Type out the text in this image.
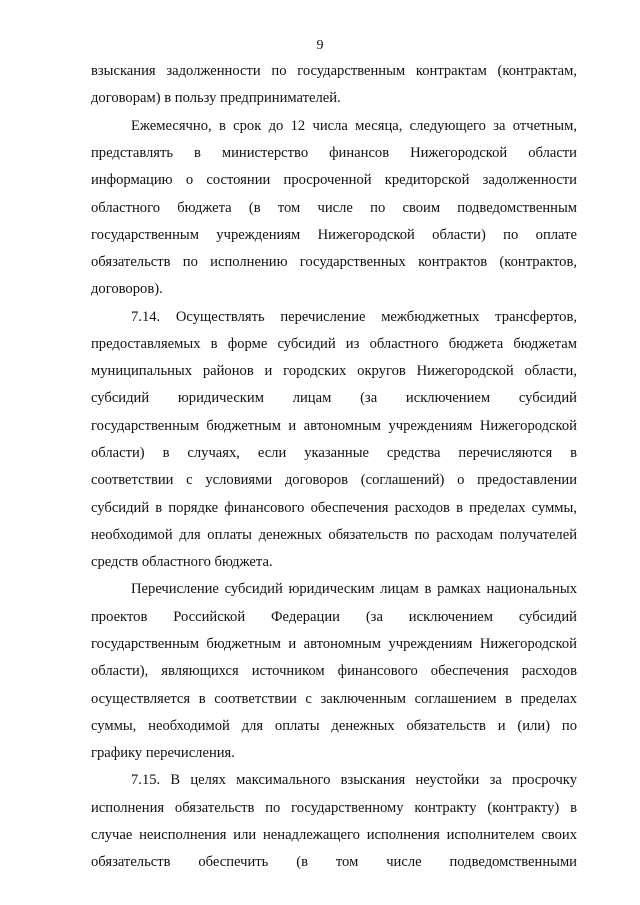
9
взыскания задолженности по государственным контрактам (контрактам,
договорам) в пользу предпринимателей.
Ежемесячно, в срок до 12 числа месяца, следующего за отчетным,
представлять в министерство финансов Нижегородской области
информацию о состоянии просроченной кредиторской задолженности
областного бюджета (в том числе по своим подведомственным
государственным учреждениям Нижегородской области) по оплате
обязательств по исполнению государственных контрактов (контрактов,
договоров).
7.14. Осуществлять перечисление межбюджетных трансфертов,
предоставляемых в форме субсидий из областного бюджета бюджетам
муниципальных районов и городских округов Нижегородской области,
субсидий юридическим лицам (за исключением субсидий
государственным бюджетным и автономным учреждениям Нижегородской
области) в случаях, если указанные средства перечисляются в
соответствии с условиями договоров (соглашений) о предоставлении
субсидий в порядке финансового обеспечения расходов в пределах суммы,
необходимой для оплаты денежных обязательств по расходам получателей
средств областного бюджета.
Перечисление субсидий юридическим лицам в рамках национальных
проектов Российской Федерации (за исключением субсидий
государственным бюджетным и автономным учреждениям Нижегородской
области), являющихся источником финансового обеспечения расходов
осуществляется в соответствии с заключенным соглашением в пределах
суммы, необходимой для оплаты денежных обязательств и (или) по
графику перечисления.
7.15. В целях максимального взыскания неустойки за просрочку
исполнения обязательств по государственному контракту (контракту) в
случае неисполнения или ненадлежащего исполнения исполнителем своих
обязательств обеспечить (в том числе подведомственными
